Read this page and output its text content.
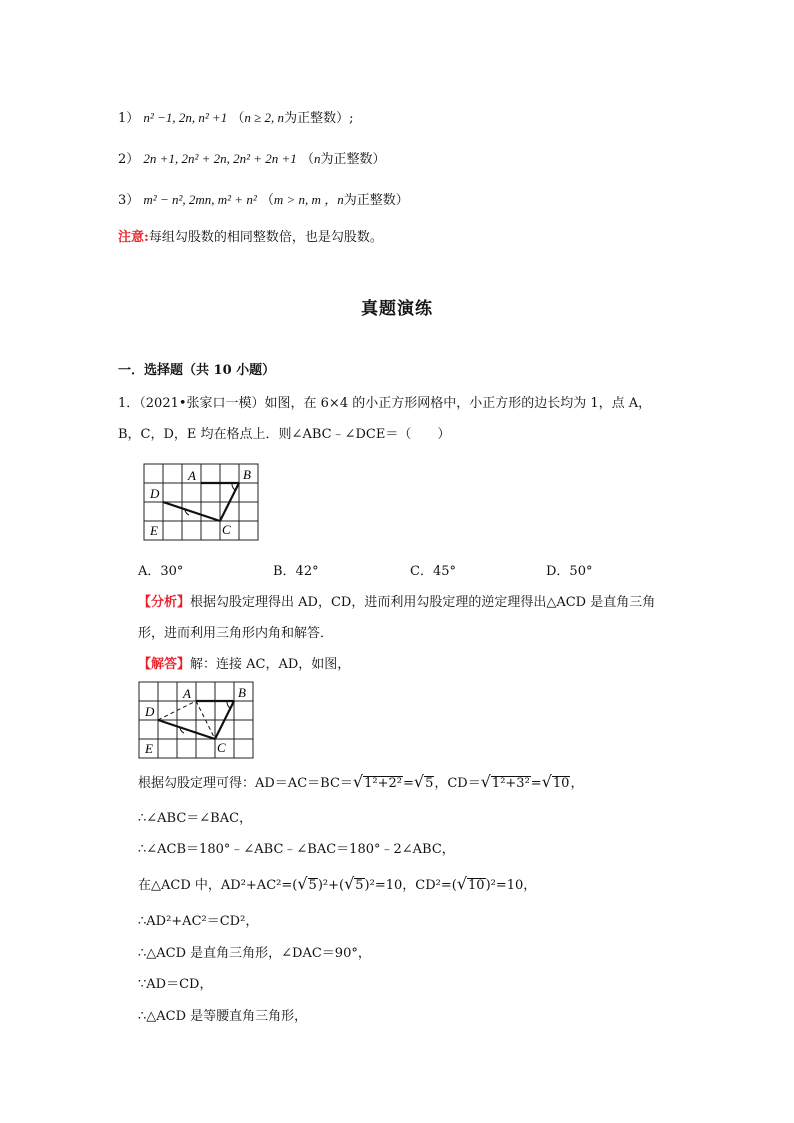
1） n² −1, 2n, n² +1 （n ≥ 2, n为正整数）;
2） 2n +1, 2n² + 2n, 2n² + 2n +1 （n为正整数）
3） m² − n², 2mn, m² + n² （m > n, m ，n为正整数）
注意:每组勾股数的相同整数倍，也是勾股数。
真题演练
一．选择题（共 10 小题）
1．（2021•张家口一模）如图，在 6×4 的小正方形网格中，小正方形的边长均为 1，点 A，
B，C，D，E 均在格点上．则∠ABC﹣∠DCE＝（　　）
A	B
C
D
E
A．30°	B．42°	C．45°	D．50°
【分析】根据勾股定理得出 AD，CD，进而利用勾股定理的逆定理得出△ACD 是直角三角
形，进而利用三角形内角和解答．
【解答】解：连接 AC，AD，如图，
A	B
C
D
E
根据勾股定理可得：AD＝AC＝BC＝√1²+2²=√5，CD＝√1²+3²=√10，
∴∠ABC＝∠BAC，
∴∠ACB＝180°﹣∠ABC﹣∠BAC＝180°﹣2∠ABC，
在△ACD 中，AD²+AC²=(√5)²+(√5)²=10，CD²=(√10)²=10，
∴AD²+AC²＝CD²，
∴△ACD 是直角三角形，∠DAC＝90°，
∵AD＝CD，
∴△ACD 是等腰直角三角形，
